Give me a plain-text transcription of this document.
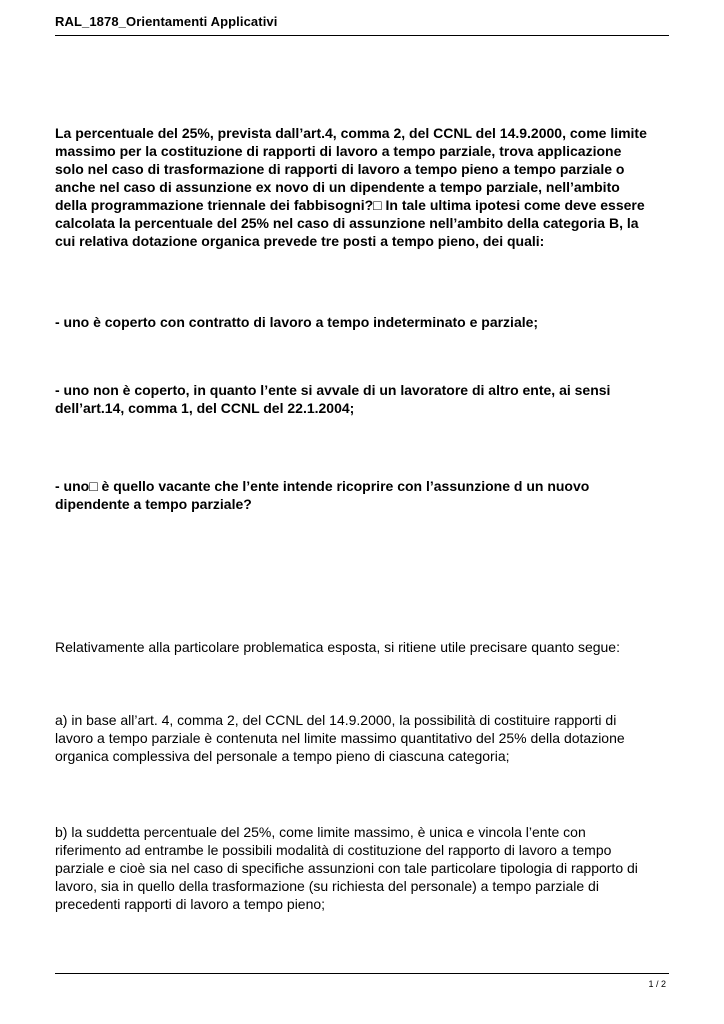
RAL_1878_Orientamenti Applicativi
La percentuale del 25%, prevista dall’art.4, comma 2, del CCNL del 14.9.2000, come limite
massimo per la costituzione di rapporti di lavoro a tempo parziale, trova applicazione
solo nel caso di trasformazione di rapporti di lavoro a tempo pieno a tempo parziale o
anche nel caso di assunzione ex novo di un dipendente a tempo parziale, nell’ambito
della programmazione triennale dei fabbisogni?□ In tale ultima ipotesi come deve essere
calcolata la percentuale del 25% nel caso di assunzione nell’ambito della categoria B, la
cui relativa dotazione organica prevede tre posti a tempo pieno, dei quali:
- uno è coperto con contratto di lavoro a tempo indeterminato e parziale;
- uno non è coperto, in quanto l’ente si avvale di un lavoratore di altro ente, ai sensi
dell’art.14, comma 1, del CCNL del 22.1.2004;
- uno□ è quello vacante che l’ente intende ricoprire con l’assunzione d un nuovo
dipendente a tempo parziale?
Relativamente alla particolare problematica esposta, si ritiene utile precisare quanto segue:
a) in base all’art. 4, comma 2, del CCNL del 14.9.2000, la possibilità di costituire rapporti di
lavoro a tempo parziale è contenuta nel limite massimo quantitativo del 25% della dotazione
organica complessiva del personale a tempo pieno di ciascuna categoria;
b) la suddetta percentuale del 25%, come limite massimo, è unica e vincola l’ente con
riferimento ad entrambe le possibili modalità di costituzione del rapporto di lavoro a tempo
parziale e cioè sia nel caso di specifiche assunzioni con tale particolare tipologia di rapporto di
lavoro, sia in quello della trasformazione (su richiesta del personale) a tempo parziale di
precedenti rapporti di lavoro a tempo pieno;
1 / 2
